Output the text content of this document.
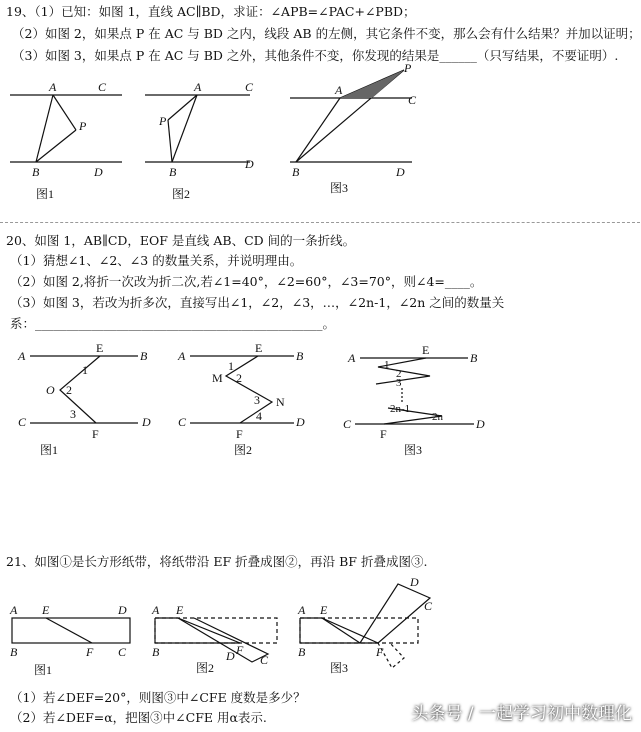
19、（1）已知：如图 1，直线 AC∥BD，求证：∠APB=∠PAC+∠PBD；
（2）如图 2，如果点 P 在 AC 与 BD 之内，线段 AB 的左侧，其它条件不变，那么会有什么结果？并加以证明；
（3）如图 3，如果点 P 在 AC 与 BD 之外，其他条件不变，你发现的结果是______（只写结果，不要证明）.
A	C
P
B	D
A	C
P
B
D
A
C
P
B	D
图1	图2	图3
20、如图 1，AB∥CD，EOF 是直线 AB、CD 间的一条折线。
（1）猜想∠1、∠2、∠3 的数量关系，并说明理由。
（2）如图 2,将折一次改为折二次,若∠1=40°，∠2=60°，∠3=70°，则∠4=____。
（3）如图 3，若改为折多次，直接写出∠1，∠2，∠3，…，∠2n-1，∠2n 之间的数量关
系：______________________________________________。
A
E
B
O
1
2
3
C
F
D
图1
A
E
B
M
N
1
2
3
4
C
F
D
图2
A
E
B
1
2
3
2n-1
2n
C
F
D
图3
21、如图①是长方形纸带，将纸带沿 EF 折叠成图②，再沿 BF 折叠成图③.
A E	D
B	F C
A E
D
B	F
C
A E
D
B	F
C
图1	图2	图3
（1）若∠DEF=20°，则图③中∠CFE 度数是多少？
（2）若∠DEF=α，把图③中∠CFE 用α表示.	头条号 / 一起学习初中数理化
